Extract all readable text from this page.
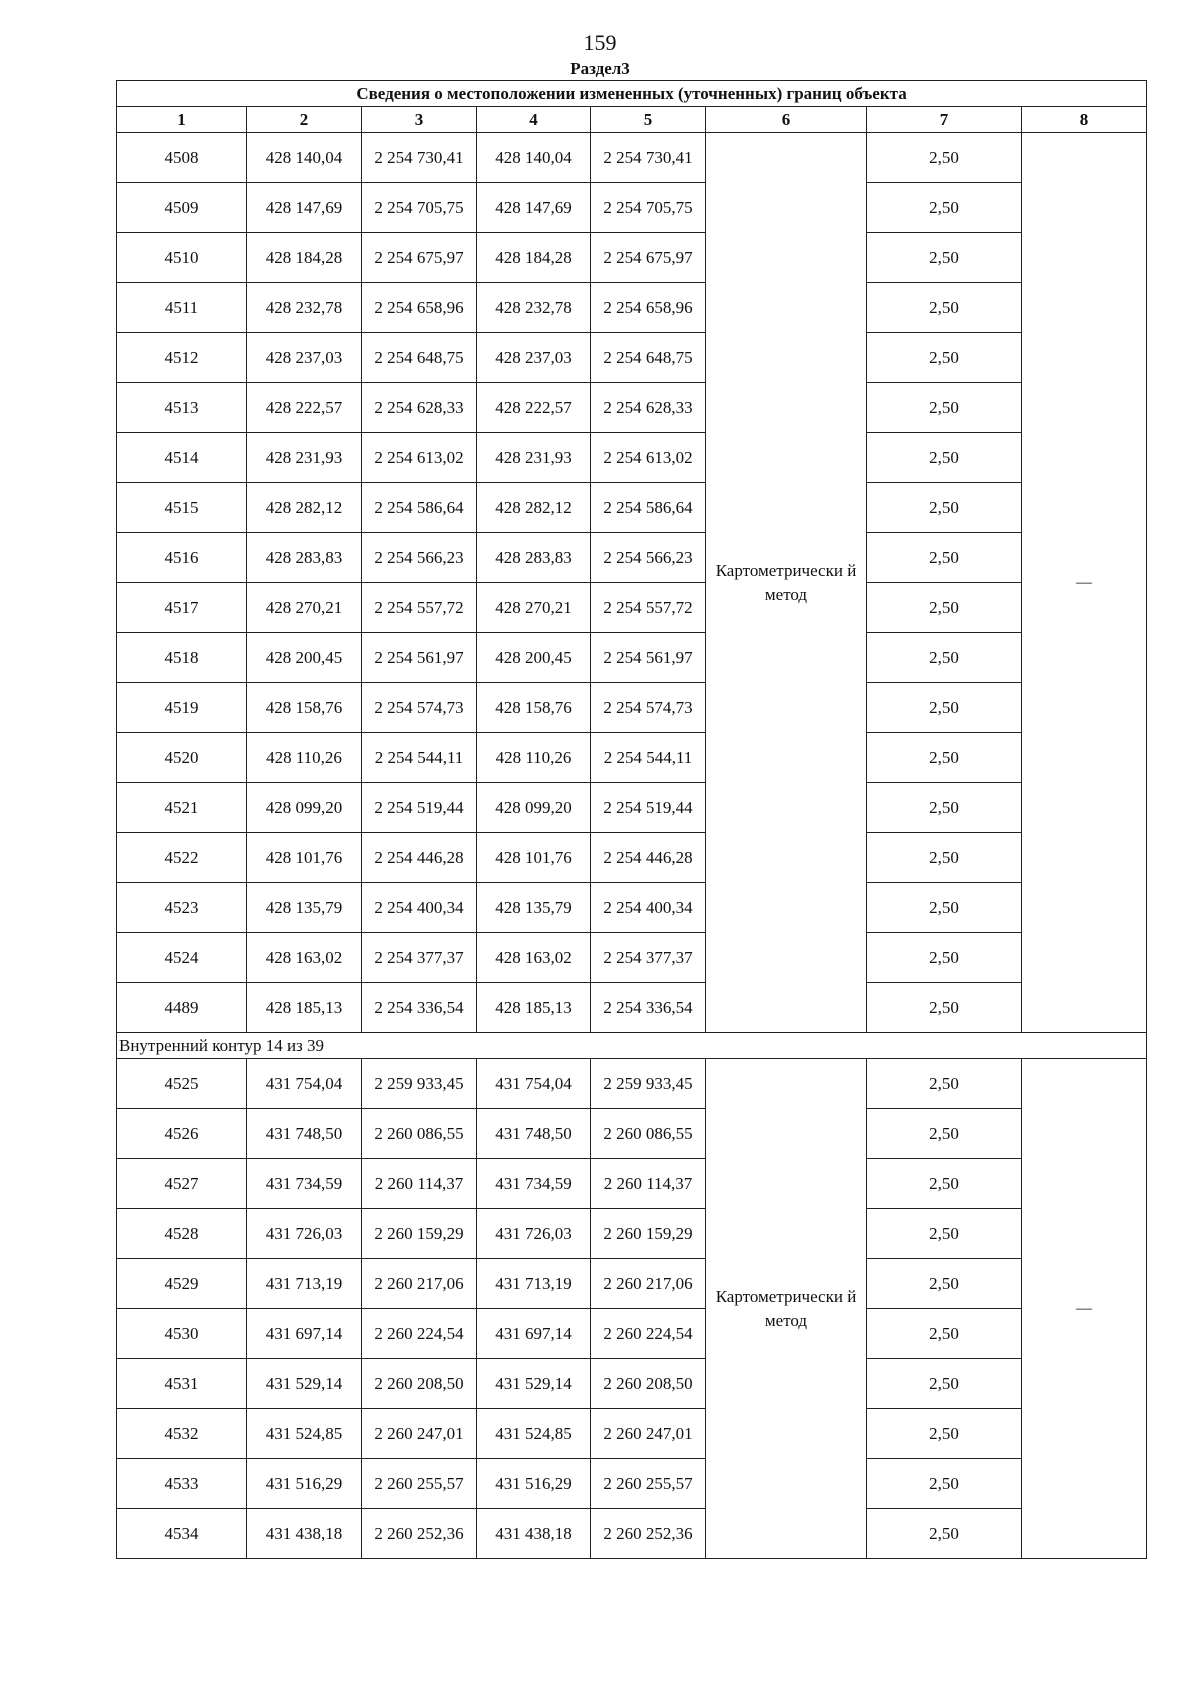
159
Раздел3
Сведения о местоположении измененных (уточненных) границ объекта							
1	2	3	4	5	6	7	8
4508	428 140,04	2 254 730,41	428 140,04	2 254 730,41	Картометрически й метод	2,50	—
4509	428 147,69	2 254 705,75	428 147,69	2 254 705,75		2,50	
4510	428 184,28	2 254 675,97	428 184,28	2 254 675,97		2,50	
4511	428 232,78	2 254 658,96	428 232,78	2 254 658,96		2,50	
4512	428 237,03	2 254 648,75	428 237,03	2 254 648,75		2,50	
4513	428 222,57	2 254 628,33	428 222,57	2 254 628,33		2,50	
4514	428 231,93	2 254 613,02	428 231,93	2 254 613,02		2,50	
4515	428 282,12	2 254 586,64	428 282,12	2 254 586,64		2,50	
4516	428 283,83	2 254 566,23	428 283,83	2 254 566,23		2,50	
4517	428 270,21	2 254 557,72	428 270,21	2 254 557,72		2,50	
4518	428 200,45	2 254 561,97	428 200,45	2 254 561,97		2,50	
4519	428 158,76	2 254 574,73	428 158,76	2 254 574,73		2,50	
4520	428 110,26	2 254 544,11	428 110,26	2 254 544,11		2,50	
4521	428 099,20	2 254 519,44	428 099,20	2 254 519,44		2,50	
4522	428 101,76	2 254 446,28	428 101,76	2 254 446,28		2,50	
4523	428 135,79	2 254 400,34	428 135,79	2 254 400,34		2,50	
4524	428 163,02	2 254 377,37	428 163,02	2 254 377,37		2,50	
4489	428 185,13	2 254 336,54	428 185,13	2 254 336,54		2,50	
Внутренний контур 14 из 39							
4525	431 754,04	2 259 933,45	431 754,04	2 259 933,45	Картометрически й метод	2,50	—
4526	431 748,50	2 260 086,55	431 748,50	2 260 086,55		2,50	
4527	431 734,59	2 260 114,37	431 734,59	2 260 114,37		2,50	
4528	431 726,03	2 260 159,29	431 726,03	2 260 159,29		2,50	
4529	431 713,19	2 260 217,06	431 713,19	2 260 217,06		2,50	
4530	431 697,14	2 260 224,54	431 697,14	2 260 224,54		2,50	
4531	431 529,14	2 260 208,50	431 529,14	2 260 208,50		2,50	
4532	431 524,85	2 260 247,01	431 524,85	2 260 247,01		2,50	
4533	431 516,29	2 260 255,57	431 516,29	2 260 255,57		2,50	
4534	431 438,18	2 260 252,36	431 438,18	2 260 252,36		2,50	
